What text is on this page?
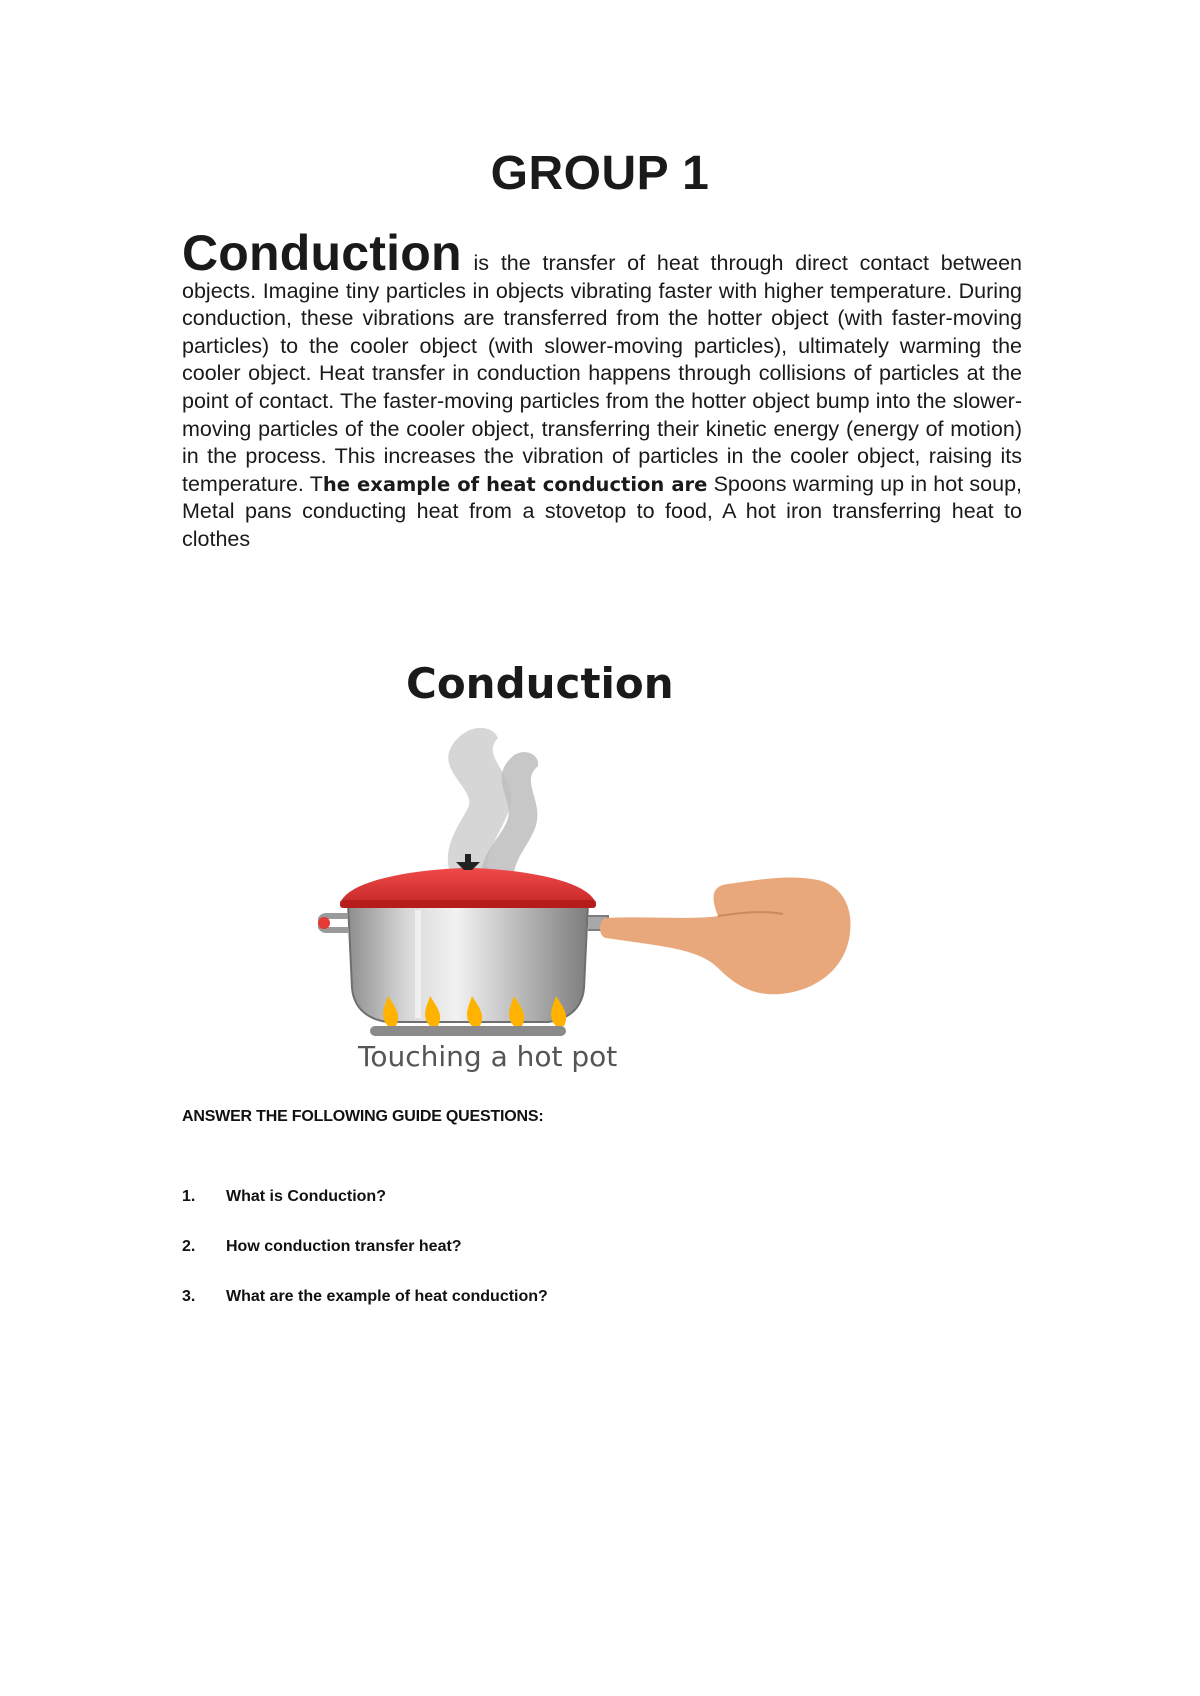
GROUP 1
Conduction is the transfer of heat through direct contact between objects. Imagine tiny particles in objects vibrating faster with higher temperature. During conduction, these vibrations are transferred from the hotter object (with faster-moving particles) to the cooler object (with slower-moving particles), ultimately warming the cooler object. Heat transfer in conduction happens through collisions of particles at the point of contact. The faster-moving particles from the hotter object bump into the slower-moving particles of the cooler object, transferring their kinetic energy (energy of motion) in the process. This increases the vibration of particles in the cooler object, raising its temperature. The example of heat conduction are Spoons warming up in hot soup, Metal pans conducting heat from a stovetop to food, A hot iron transferring heat to clothes
Conduction
Touching a hot pot
ANSWER THE FOLLOWING GUIDE QUESTIONS:
1.	What is Conduction?
2.	How conduction transfer heat?
3.	What are the example of heat conduction?
